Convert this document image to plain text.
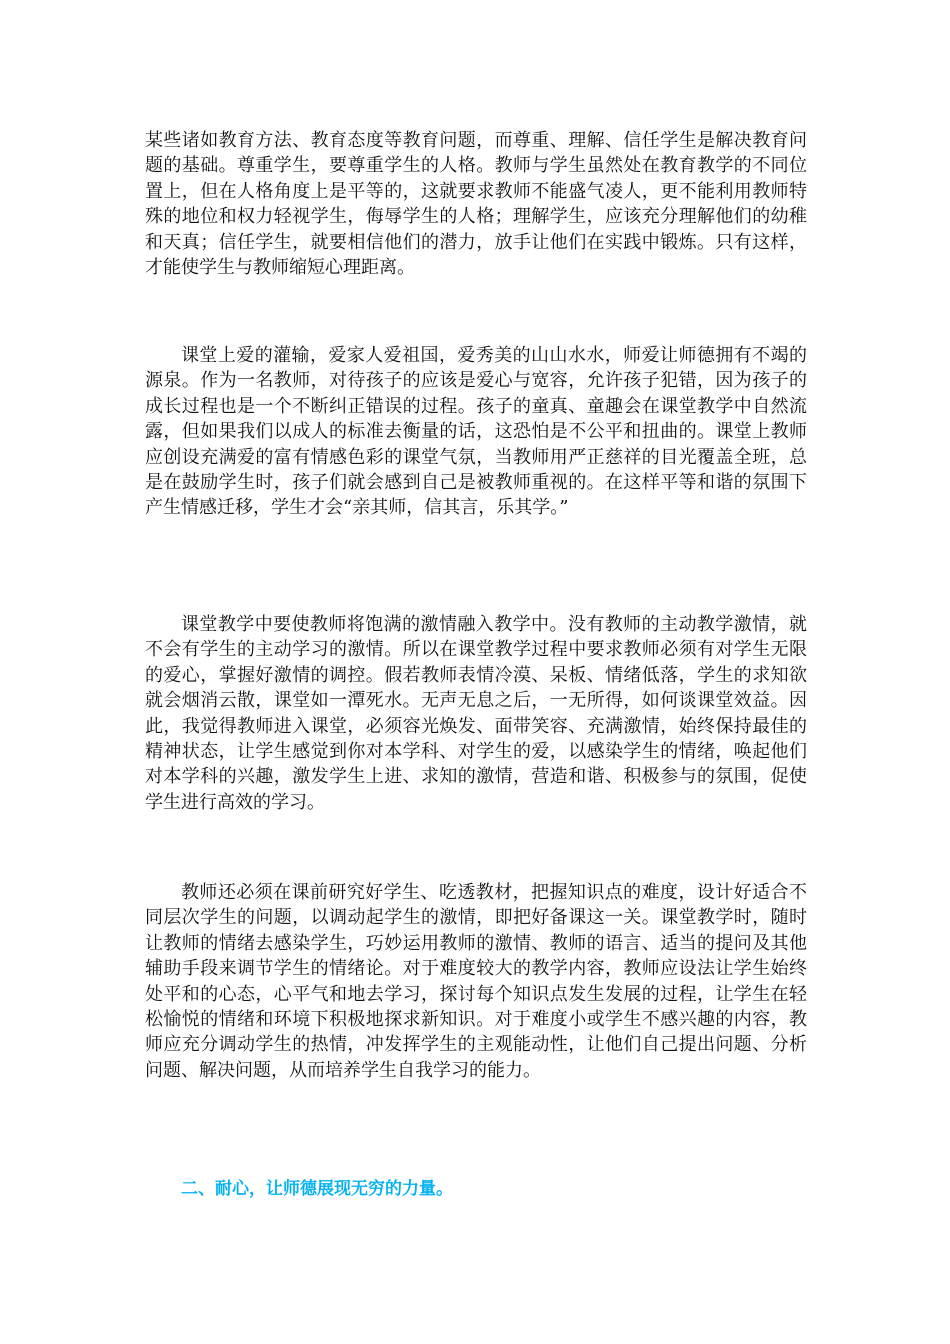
某些诸如教育方法、教育态度等教育问题，而尊重、理解、信任学生是解决教育问题的基础。尊重学生，要尊重学生的人格。教师与学生虽然处在教育教学的不同位置上，但在人格角度上是平等的，这就要求教师不能盛气凌人，更不能利用教师特殊的地位和权力轻视学生，侮辱学生的人格；理解学生，应该充分理解他们的幼稚和天真；信任学生，就要相信他们的潜力，放手让他们在实践中锻炼。只有这样，才能使学生与教师缩短心理距离。

课堂上爱的灌输，爱家人爱祖国，爱秀美的山山水水，师爱让师德拥有不竭的源泉。作为一名教师，对待孩子的应该是爱心与宽容，允许孩子犯错，因为孩子的成长过程也是一个不断纠正错误的过程。孩子的童真、童趣会在课堂教学中自然流露，但如果我们以成人的标准去衡量的话，这恐怕是不公平和扭曲的。课堂上教师应创设充满爱的富有情感色彩的课堂气氛，当教师用严正慈祥的目光覆盖全班，总是在鼓励学生时，孩子们就会感到自己是被教师重视的。在这样平等和谐的氛围下产生情感迁移，学生才会“亲其师，信其言，乐其学。”

课堂教学中要使教师将饱满的激情融入教学中。没有教师的主动教学激情，就不会有学生的主动学习的激情。所以在课堂教学过程中要求教师必须有对学生无限的爱心，掌握好激情的调控。假若教师表情冷漠、呆板、情绪低落，学生的求知欲就会烟消云散，课堂如一潭死水。无声无息之后，一无所得，如何谈课堂效益。因此，我觉得教师进入课堂，必须容光焕发、面带笑容、充满激情，始终保持最佳的精神状态，让学生感觉到你对本学科、对学生的爱，以感染学生的情绪，唤起他们对本学科的兴趣，激发学生上进、求知的激情，营造和谐、积极参与的氛围，促使学生进行高效的学习。

教师还必须在课前研究好学生、吃透教材，把握知识点的难度，设计好适合不同层次学生的问题，以调动起学生的激情，即把好备课这一关。课堂教学时，随时让教师的情绪去感染学生，巧妙运用教师的激情、教师的语言、适当的提问及其他辅助手段来调节学生的情绪论。对于难度较大的教学内容，教师应设法让学生始终处平和的心态，心平气和地去学习，探讨每个知识点发生发展的过程，让学生在轻松愉悦的情绪和环境下积极地探求新知识。对于难度小或学生不感兴趣的内容，教师应充分调动学生的热情，冲发挥学生的主观能动性，让他们自己提出问题、分析问题、解决问题，从而培养学生自我学习的能力。

二、耐心，让师德展现无穷的力量。
